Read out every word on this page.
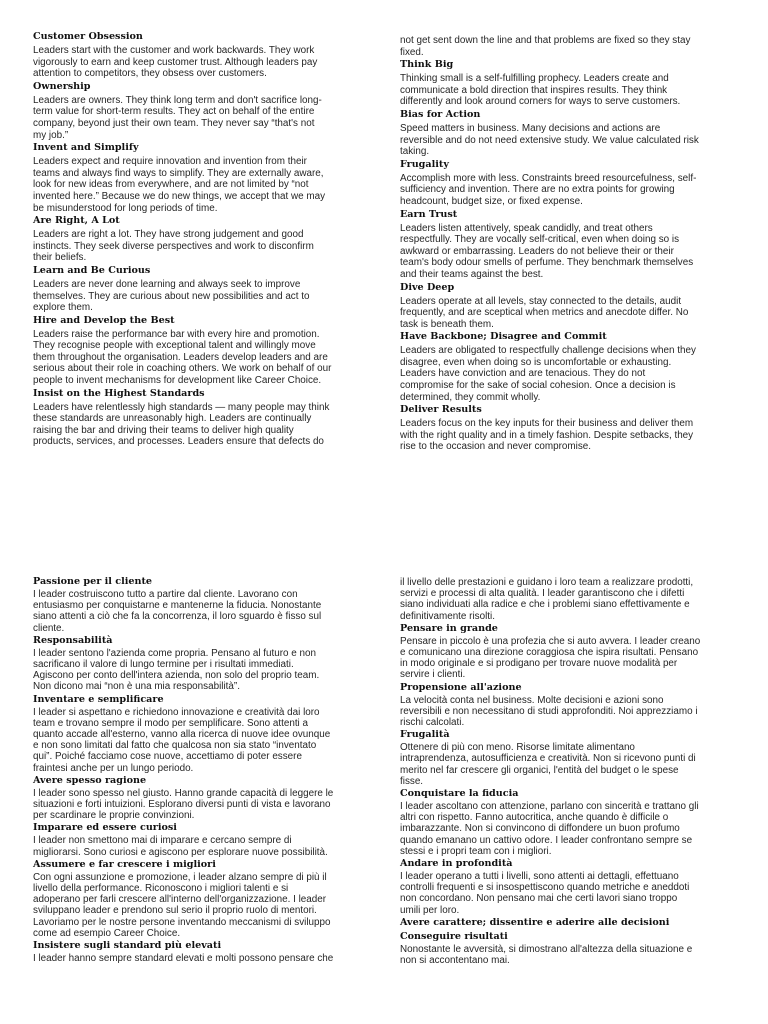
Customer Obsession

Leaders start with the customer and work backwards. They work
vigorously to earn and keep customer trust. Although leaders pay
attention to competitors, they obsess over customers.

Ownership

Leaders are owners. They think long term and don't sacrifice long-
term value for short-term results. They act on behalf of the entire
company, beyond just their own team. They never say “that's not
my job.”

Invent and Simplify

Leaders expect and require innovation and invention from their
teams and always find ways to simplify. They are externally aware,
look for new ideas from everywhere, and are not limited by “not
invented here.” Because we do new things, we accept that we may
be misunderstood for long periods of time.

Are Right, A Lot

Leaders are right a lot. They have strong judgement and good
instincts. They seek diverse perspectives and work to disconfirm
their beliefs.

Learn and Be Curious

Leaders are never done learning and always seek to improve
themselves. They are curious about new possibilities and act to
explore them.

Hire and Develop the Best

Leaders raise the performance bar with every hire and promotion.
They recognise people with exceptional talent and willingly move
them throughout the organisation. Leaders develop leaders and are
serious about their role in coaching others. We work on behalf of our
people to invent mechanisms for development like Career Choice.

Insist on the Highest Standards

Leaders have relentlessly high standards — many people may think
these standards are unreasonably high. Leaders are continually
raising the bar and driving their teams to deliver high quality
products, services, and processes. Leaders ensure that defects do

not get sent down the line and that problems are fixed so they stay
fixed.

Think Big

Thinking small is a self-fulfilling prophecy. Leaders create and
communicate a bold direction that inspires results. They think
differently and look around corners for ways to serve customers.

Bias for Action

Speed matters in business. Many decisions and actions are
reversible and do not need extensive study. We value calculated risk
taking.

Frugality

Accomplish more with less. Constraints breed resourcefulness, self-
sufficiency and invention. There are no extra points for growing
headcount, budget size, or fixed expense.

Earn Trust

Leaders listen attentively, speak candidly, and treat others
respectfully. They are vocally self-critical, even when doing so is
awkward or embarrassing. Leaders do not believe their or their
team's body odour smells of perfume. They benchmark themselves
and their teams against the best.

Dive Deep

Leaders operate at all levels, stay connected to the details, audit
frequently, and are sceptical when metrics and anecdote differ. No
task is beneath them.

Have Backbone; Disagree and Commit

Leaders are obligated to respectfully challenge decisions when they
disagree, even when doing so is uncomfortable or exhausting.
Leaders have conviction and are tenacious. They do not
compromise for the sake of social cohesion. Once a decision is
determined, they commit wholly.

Deliver Results

Leaders focus on the key inputs for their business and deliver them
with the right quality and in a timely fashion. Despite setbacks, they
rise to the occasion and never compromise.

Passione per il cliente

I leader costruiscono tutto a partire dal cliente. Lavorano con
entusiasmo per conquistarne e mantenerne la fiducia. Nonostante
siano attenti a ciò che fa la concorrenza, il loro sguardo è fisso sul
cliente.

Responsabilità

I leader sentono l'azienda come propria. Pensano al futuro e non
sacrificano il valore di lungo termine per i risultati immediati.
Agiscono per conto dell'intera azienda, non solo del proprio team.
Non dicono mai “non è una mia responsabilità”.

Inventare e semplificare

I leader si aspettano e richiedono innovazione e creatività dai loro
team e trovano sempre il modo per semplificare. Sono attenti a
quanto accade all'esterno, vanno alla ricerca di nuove idee ovunque
e non sono limitati dal fatto che qualcosa non sia stato “inventato
qui”. Poiché facciamo cose nuove, accettiamo di poter essere
fraintesi anche per un lungo periodo.

Avere spesso ragione

I leader sono spesso nel giusto. Hanno grande capacità di leggere le
situazioni e forti intuizioni. Esplorano diversi punti di vista e lavorano
per scardinare le proprie convinzioni.

Imparare ed essere curiosi

I leader non smettono mai di imparare e cercano sempre di
migliorarsi. Sono curiosi e agiscono per esplorare nuove possibilità.

Assumere e far crescere i migliori

Con ogni assunzione e promozione, i leader alzano sempre di più il
livello della performance. Riconoscono i migliori talenti e si
adoperano per farli crescere all'interno dell'organizzazione. I leader
sviluppano leader e prendono sul serio il proprio ruolo di mentori.
Lavoriamo per le nostre persone inventando meccanismi di sviluppo
come ad esempio Career Choice.

Insistere sugli standard più elevati

I leader hanno sempre standard elevati e molti possono pensare che

il livello delle prestazioni e guidano i loro team a realizzare prodotti,
servizi e processi di alta qualità. I leader garantiscono che i difetti
siano individuati alla radice e che i problemi siano effettivamente e
definitivamente risolti.

Pensare in grande

Pensare in piccolo è una profezia che si auto avvera. I leader creano
e comunicano una direzione coraggiosa che ispira risultati. Pensano
in modo originale e si prodigano per trovare nuove modalità per
servire i clienti.

Propensione all'azione

La velocità conta nel business. Molte decisioni e azioni sono
reversibili e non necessitano di studi approfonditi. Noi apprezziamo i
rischi calcolati.

Frugalità

Ottenere di più con meno. Risorse limitate alimentano
intraprendenza, autosufficienza e creatività. Non si ricevono punti di
merito nel far crescere gli organici, l'entità del budget o le spese
fisse.

Conquistare la fiducia

I leader ascoltano con attenzione, parlano con sincerità e trattano gli
altri con rispetto. Fanno autocritica, anche quando è difficile o
imbarazzante. Non si convincono di diffondere un buon profumo
quando emanano un cattivo odore. I leader confrontano sempre se
stessi e i propri team con i migliori.

Andare in profondità

I leader operano a tutti i livelli, sono attenti ai dettagli, effettuano
controlli frequenti e si insospettiscono quando metriche e aneddoti
non concordano. Non pensano mai che certi lavori siano troppo
umili per loro.

Avere carattere; dissentire e aderire alle decisioni
Conseguire risultati

Nonostante le avversità, si dimostrano all'altezza della situazione e
non si accontentano mai.
